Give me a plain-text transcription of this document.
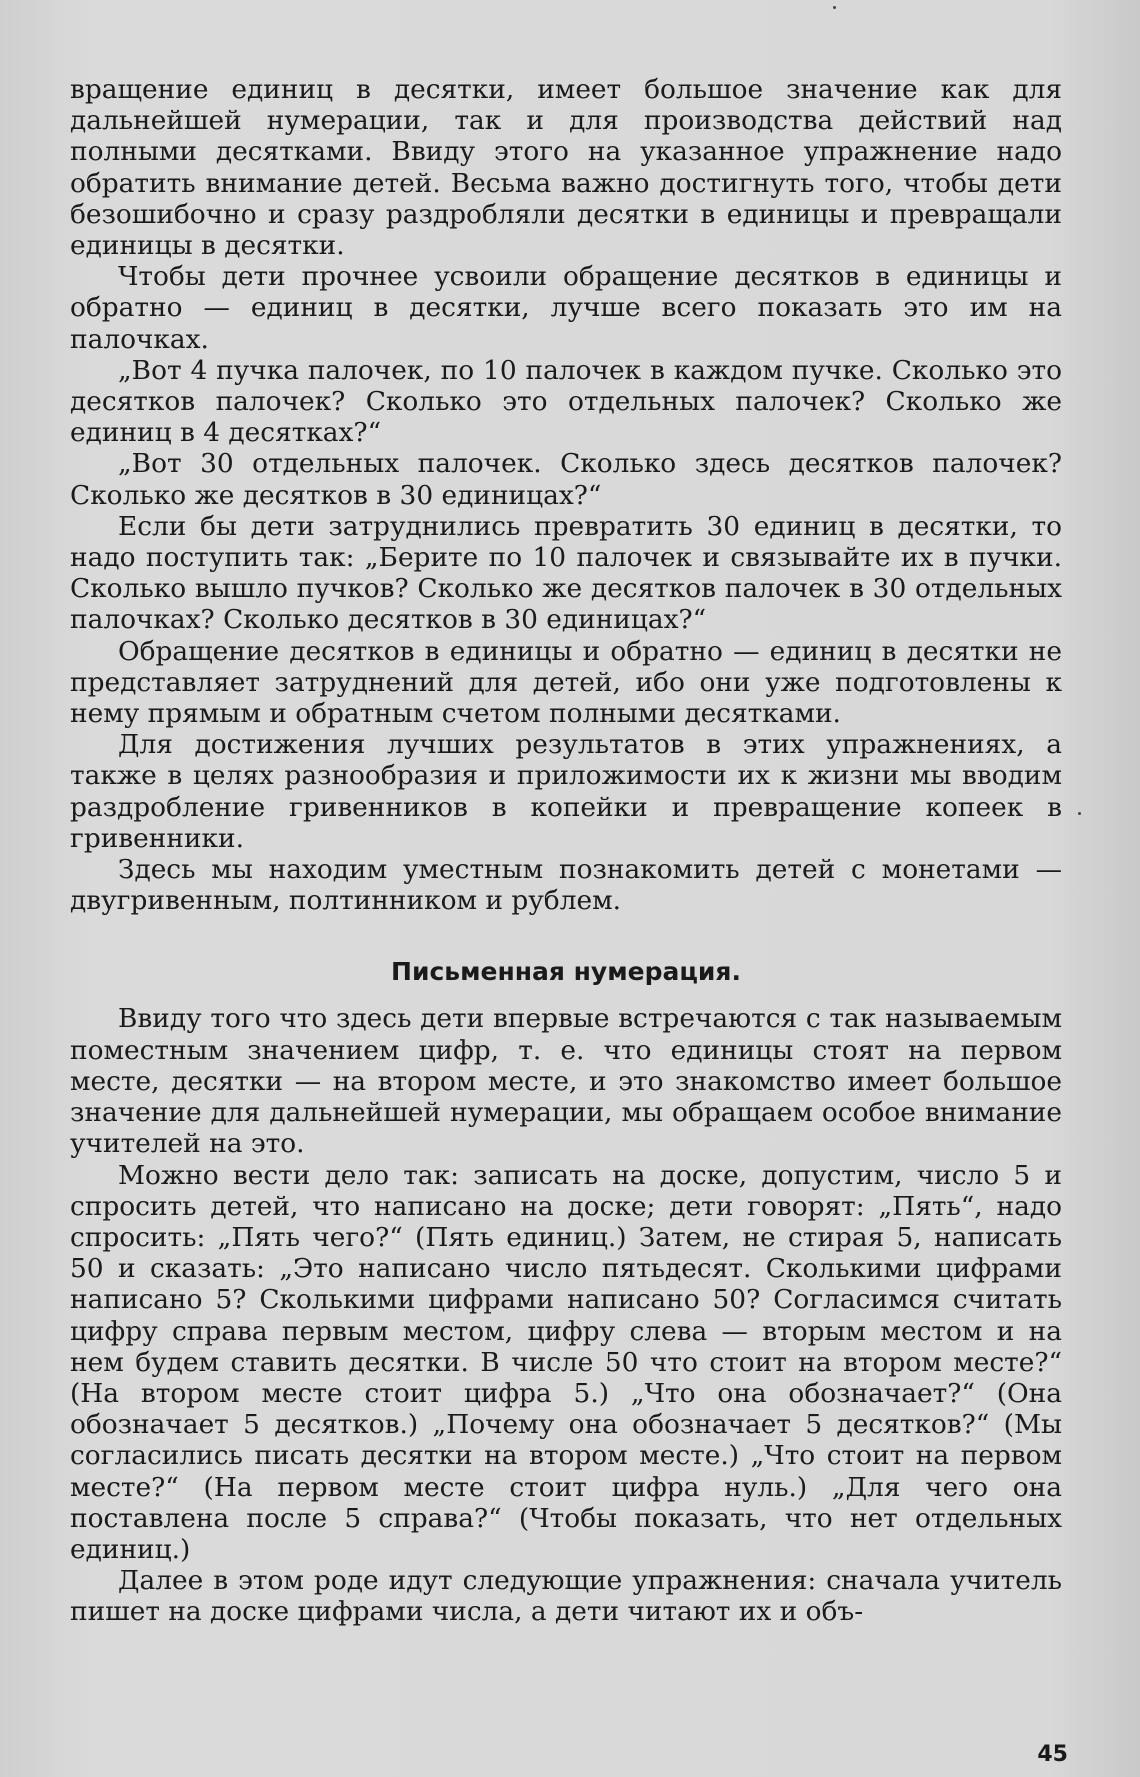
вращение единиц в десятки, имеет большое значение как для дальнейшей нумерации, так и для производства действий над полными десятками. Ввиду этого на указанное упражнение надо обратить внимание детей. Весьма важно достигнуть того, чтобы дети безошибочно и сразу раздробляли десятки в единицы и превращали единицы в десятки.

Чтобы дети прочнее усвоили обращение десятков в единицы и обратно — единиц в десятки, лучше всего показать это им на палочках.

„Вот 4 пучка палочек, по 10 палочек в каждом пучке. Сколько это десятков палочек? Сколько это отдельных палочек? Сколько же единиц в 4 десятках?“

„Вот 30 отдельных палочек. Сколько здесь десятков палочек? Сколько же десятков в 30 единицах?“

Если бы дети затруднились превратить 30 единиц в десятки, то надо поступить так: „Берите по 10 палочек и связывайте их в пучки. Сколько вышло пучков? Сколько же десятков палочек в 30 отдельных палочках? Сколько десятков в 30 единицах?“

Обращение десятков в единицы и обратно — единиц в десятки не представляет затруднений для детей, ибо они уже подготовлены к нему прямым и обратным счетом полными десятками.

Для достижения лучших результатов в этих упражнениях, а также в целях разнообразия и приложимости их к жизни мы вводим раздробление гривенников в копейки и превращение копеек в гривенники.

Здесь мы находим уместным познакомить детей с монетами — двугривенным, полтинником и рублем.

Письменная нумерация.

Ввиду того что здесь дети впервые встречаются с так называемым поместным значением цифр, т. е. что единицы стоят на первом месте, десятки — на втором месте, и это знакомство имеет большое значение для дальнейшей нумерации, мы обращаем особое внимание учителей на это.

Можно вести дело так: записать на доске, допустим, число 5 и спросить детей, что написано на доске; дети говорят: „Пять“, надо спросить: „Пять чего?“ (Пять единиц.) Затем, не стирая 5, написать 50 и сказать: „Это написано число пятьдесят. Сколькими цифрами написано 5? Сколькими цифрами написано 50? Согласимся считать цифру справа первым местом, цифру слева — вторым местом и на нем будем ставить десятки. В числе 50 что стоит на втором месте?“ (На втором месте стоит цифра 5.) „Что она обозначает?“ (Она обозначает 5 десятков.) „Почему она обозначает 5 десятков?“ (Мы согласились писать десятки на втором месте.) „Что стоит на первом месте?“ (На первом месте стоит цифра нуль.) „Для чего она поставлена после 5 справа?“ (Чтобы показать, что нет отдельных единиц.)

Далее в этом роде идут следующие упражнения: сначала учитель пишет на доске цифрами числа, а дети читают их и объ-

45
